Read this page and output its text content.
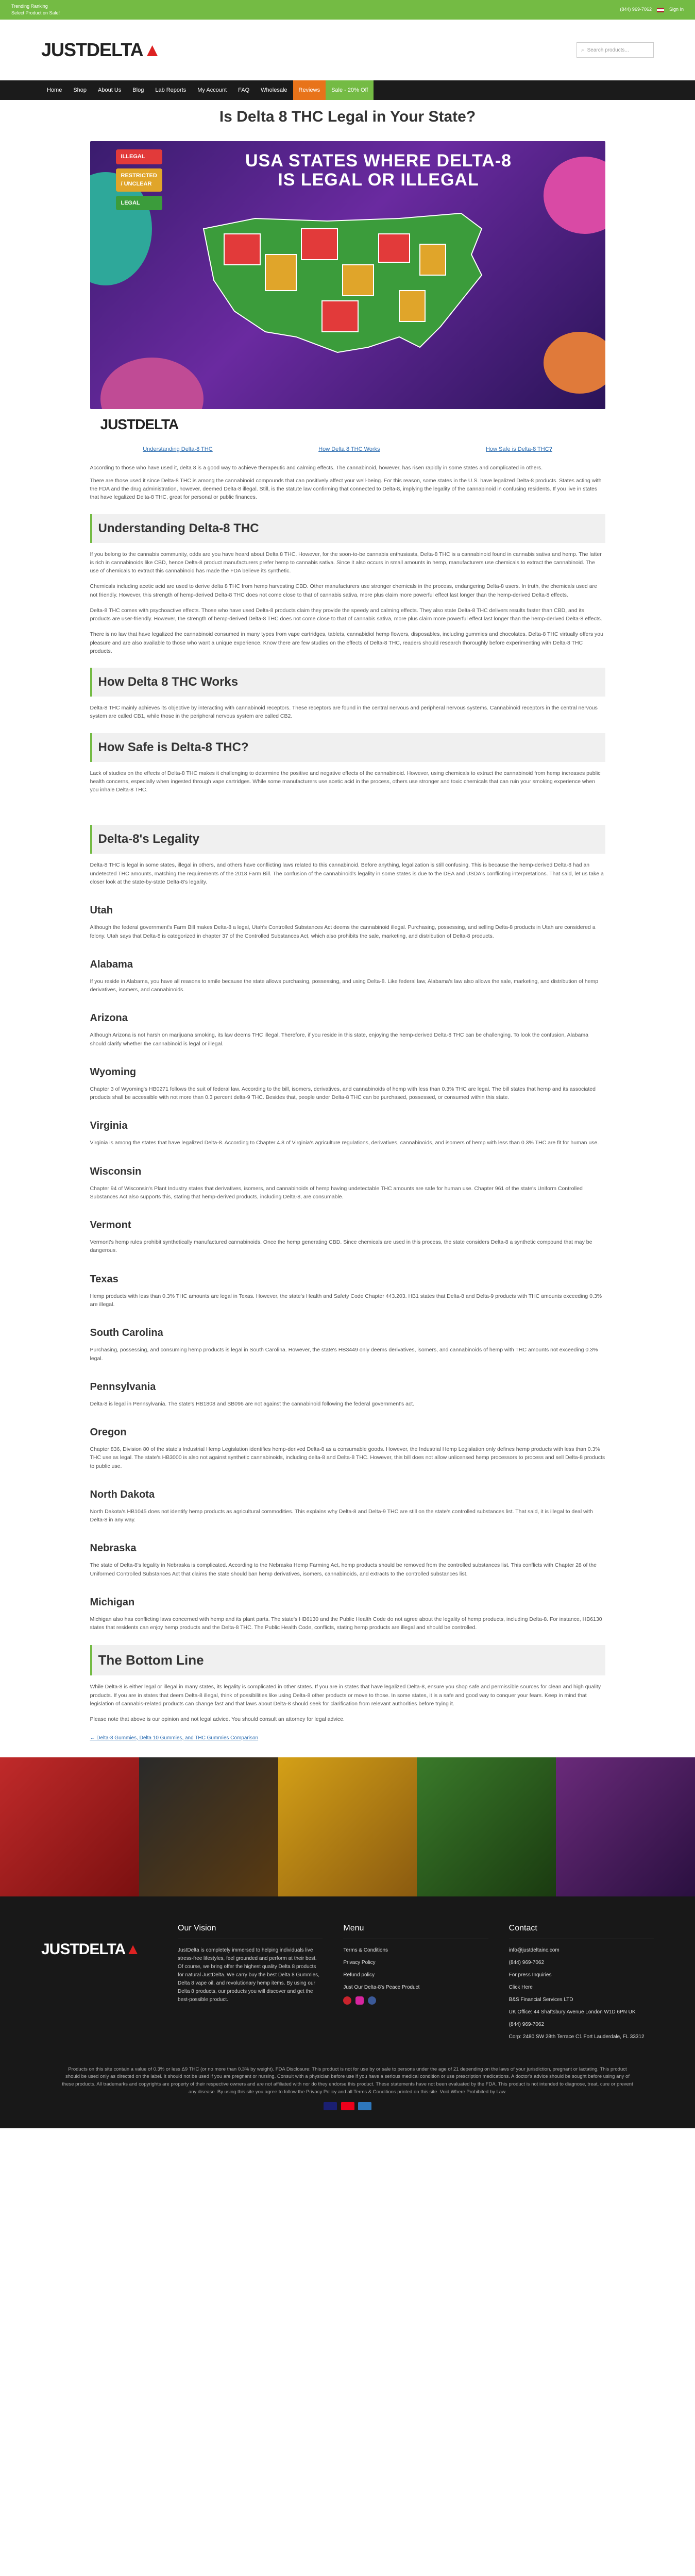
Trending Ranking
Select Product on Sale!
(844) 969-7062	Sign In
JUSTDELTA▲	⌕ Search products...
Home	Shop	About Us	Blog	Lab Reports	My Account	FAQ	Wholesale	Reviews	Sale - 20% Off
Is Delta 8 THC Legal in Your State?
ILLEGAL
RESTRICTED / UNCLEAR
LEGAL
USA STATES WHERE DELTA-8 IS LEGAL OR ILLEGAL
JUSTDELTA
Understanding Delta-8 THC	How Delta 8 THC Works	How Safe is Delta-8 THC?

According to those who have used it, delta 8 is a good way to achieve therapeutic and calming effects. The cannabinoid, however, has risen rapidly in some states and complicated in others.

There are those used it since Delta-8 THC is among the cannabinoid compounds that can positively affect your well-being. For this reason, some states in the U.S. have legalized Delta-8 products. States acting with the FDA and the drug administration, however, deemed Delta-8 illegal. Still, is the statute law confirming that connected to Delta-8, implying the legality of the cannabinoid in confusing residents. If you live in states that have legalized Delta-8 THC, great for personal or public finances.

Understanding Delta-8 THC

If you belong to the cannabis community, odds are you have heard about Delta 8 THC. However, for the soon-to-be cannabis enthusiasts, Delta-8 THC is a cannabinoid found in cannabis sativa and hemp. The latter is rich in cannabinoids like CBD, hence Delta-8 product manufacturers prefer hemp to cannabis sativa. Since it also occurs in small amounts in hemp, manufacturers use chemicals to extract the cannabinoid. The use of chemicals to extract this cannabinoid has made the FDA believe its synthetic.

Chemicals including acetic acid are used to derive delta 8 THC from hemp harvesting CBD. Other manufacturers use stronger chemicals in the process, endangering Delta-8 users. In truth, the chemicals used are not friendly. However, this strength of hemp-derived Delta-8 THC does not come close to that of cannabis sativa, more plus claim more powerful effect last longer than the hemp-derived Delta-8 effects.

Delta-8 THC comes with psychoactive effects. Those who have used Delta-8 products claim they provide the speedy and calming effects. They also state Delta-8 THC delivers results faster than CBD, and its products are user-friendly. However, the strength of hemp-derived Delta-8 THC does not come close to that of cannabis sativa, more plus claim more powerful effect last longer than the hemp-derived Delta-8 effects.

There is no law that have legalized the cannabinoid consumed in many types from vape cartridges, tablets, cannabidiol hemp flowers, disposables, including gummies and chocolates. Delta-8 THC virtually offers you pleasure and are also available to those who want a unique experience. Know there are few studies on the effects of Delta-8 THC, readers should research thoroughly before experimenting with Delta-8 THC products.

How Delta 8 THC Works

Delta-8 THC mainly achieves its objective by interacting with cannabinoid receptors. These receptors are found in the central nervous and peripheral nervous systems. Cannabinoid receptors in the central nervous system are called CB1, while those in the peripheral nervous system are called CB2.

How Safe is Delta-8 THC?

Lack of studies on the effects of Delta-8 THC makes it challenging to determine the positive and negative effects of the cannabinoid. However, using chemicals to extract the cannabinoid from hemp increases public health concerns, especially when ingested through vape cartridges. While some manufacturers use acetic acid in the process, others use stronger and toxic chemicals that can ruin your smoking experience when you inhale Delta-8 THC.

Delta-8's Legality

Delta-8 THC is legal in some states, illegal in others, and others have conflicting laws related to this cannabinoid. Before anything, legalization is still confusing. This is because the hemp-derived Delta-8 had an undetected THC amounts, matching the requirements of the 2018 Farm Bill. The confusion of the cannabinoid's legality in some states is due to the DEA and USDA's conflicting interpretations. That said, let us take a closer look at the state-by-state Delta-8's legality.

Utah

Although the federal government's Farm Bill makes Delta-8 a legal, Utah's Controlled Substances Act deems the cannabinoid illegal. Purchasing, possessing, and selling Delta-8 products in Utah are considered a felony. Utah says that Delta-8 is categorized in chapter 37 of the Controlled Substances Act, which also prohibits the sale, marketing, and distribution of Delta-8 products.

Alabama

If you reside in Alabama, you have all reasons to smile because the state allows purchasing, possessing, and using Delta-8. Like federal law, Alabama's law also allows the sale, marketing, and distribution of hemp derivatives, isomers, and cannabinoids.

Arizona

Although Arizona is not harsh on marijuana smoking, its law deems THC illegal. Therefore, if you reside in this state, enjoying the hemp-derived Delta-8 THC can be challenging. To look the confusion, Alabama should clarify whether the cannabinoid is legal or illegal.

Wyoming

Chapter 3 of Wyoming's HB0271 follows the suit of federal law. According to the bill, isomers, derivatives, and cannabinoids of hemp with less than 0.3% THC are legal. The bill states that hemp and its associated products shall be accessible with not more than 0.3 percent delta-9 THC. Besides that, people under Delta-8 THC can be purchased, possessed, or consumed within this state.

Virginia

Virginia is among the states that have legalized Delta-8. According to Chapter 4.8 of Virginia's agriculture regulations, derivatives, cannabinoids, and isomers of hemp with less than 0.3% THC are fit for human use.

Wisconsin

Chapter 94 of Wisconsin's Plant Industry states that derivatives, isomers, and cannabinoids of hemp having undetectable THC amounts are safe for human use. Chapter 961 of the state's Uniform Controlled Substances Act also supports this, stating that hemp-derived products, including Delta-8, are consumable.

Vermont

Vermont's hemp rules prohibit synthetically manufactured cannabinoids. Once the hemp generating CBD. Since chemicals are used in this process, the state considers Delta-8 a synthetic compound that may be dangerous.

Texas

Hemp products with less than 0.3% THC amounts are legal in Texas. However, the state's Health and Safety Code Chapter 443.203. HB1 states that Delta-8 and Delta-9 products with THC amounts exceeding 0.3% are illegal.

South Carolina

Purchasing, possessing, and consuming hemp products is legal in South Carolina. However, the state's HB3449 only deems derivatives, isomers, and cannabinoids of hemp with THC amounts not exceeding 0.3% legal.

Pennsylvania

Delta-8 is legal in Pennsylvania. The state's HB1808 and SB096 are not against the cannabinoid following the federal government's act.

Oregon

Chapter 836, Division 80 of the state's Industrial Hemp Legislation identifies hemp-derived Delta-8 as a consumable goods. However, the Industrial Hemp Legislation only defines hemp products with less than 0.3% THC use as legal. The state's HB3000 is also not against synthetic cannabinoids, including delta-8 and Delta-8 THC. However, this bill does not allow unlicensed hemp processors to process and sell Delta-8 products to public use.

North Dakota

North Dakota's HB1045 does not identify hemp products as agricultural commodities. This explains why Delta-8 and Delta-9 THC are still on the state's controlled substances list. That said, it is illegal to deal with Delta-8 in any way.

Nebraska

The state of Delta-8's legality in Nebraska is complicated. According to the Nebraska Hemp Farming Act, hemp products should be removed from the controlled substances list. This conflicts with Chapter 28 of the Uniformed Controlled Substances Act that claims the state should ban hemp derivatives, isomers, cannabinoids, and extracts to the controlled substances list.

Michigan

Michigan also has conflicting laws concerned with hemp and its plant parts. The state's HB6130 and the Public Health Code do not agree about the legality of hemp products, including Delta-8. For instance, HB6130 states that residents can enjoy hemp products and the Delta-8 THC. The Public Health Code, conflicts, stating hemp products are illegal and should be controlled.

The Bottom Line

While Delta-8 is either legal or illegal in many states, its legality is complicated in other states. If you are in states that have legalized Delta-8, ensure you shop safe and permissible sources for clean and high quality products. If you are in states that deem Delta-8 illegal, think of possibilities like using Delta-8 other products or move to those. In some states, it is a safe and good way to conquer your fears. Keep in mind that legislation of cannabis-related products can change fast and that laws about Delta-8 should seek for clarification from relevant authorities before trying it.

Please note that above is our opinion and not legal advice. You should consult an attorney for legal advice.

← Delta-8 Gummies, Delta 10 Gummies, and THC Gummies Comparison
JUSTDELTA▲
Our Vision

JustDelta is completely immersed to helping individuals live stress-free lifestyles, feel grounded and perform at their best. Of course, we bring offer the highest quality Delta 8 products for natural JustDelta. We carry buy the best Delta 8 Gummies, Delta 8 vape oil, and revolutionary hemp items. By using our Delta 8 products, our products you will discover and get the best-possible product.

Menu
Terms & Conditions
Privacy Policy
Refund policy
Just Our Delta-8's Peace Product
Contact
info@justdeltainc.com
(844) 969-7062
For press Inquiries
Click Here
B&S Financial Services LTD
UK Office: 44 Shaftsbury Avenue London W1D 6PN UK
(844) 969-7062
Corp: 2480 SW 28th Terrace C1 Fort Lauderdale, FL 33312

Products on this site contain a value of 0.3% or less Δ9 THC (or no more than 0.3% by weight). FDA Disclosure: This product is not for use by or sale to persons under the age of 21 depending on the laws of your jurisdiction, pregnant or lactating. This product should be used only as directed on the label. It should not be used if you are pregnant or nursing. Consult with a physician before use if you have a serious medical condition or use prescription medications. A doctor's advice should be sought before using any of these products. All trademarks and copyrights are property of their respective owners and are not affiliated with nor do they endorse this product. These statements have not been evaluated by the FDA. This product is not intended to diagnose, treat, cure or prevent any disease. By using this site you agree to follow the Privacy Policy and all Terms & Conditions printed on this site. Void Where Prohibited by Law.
